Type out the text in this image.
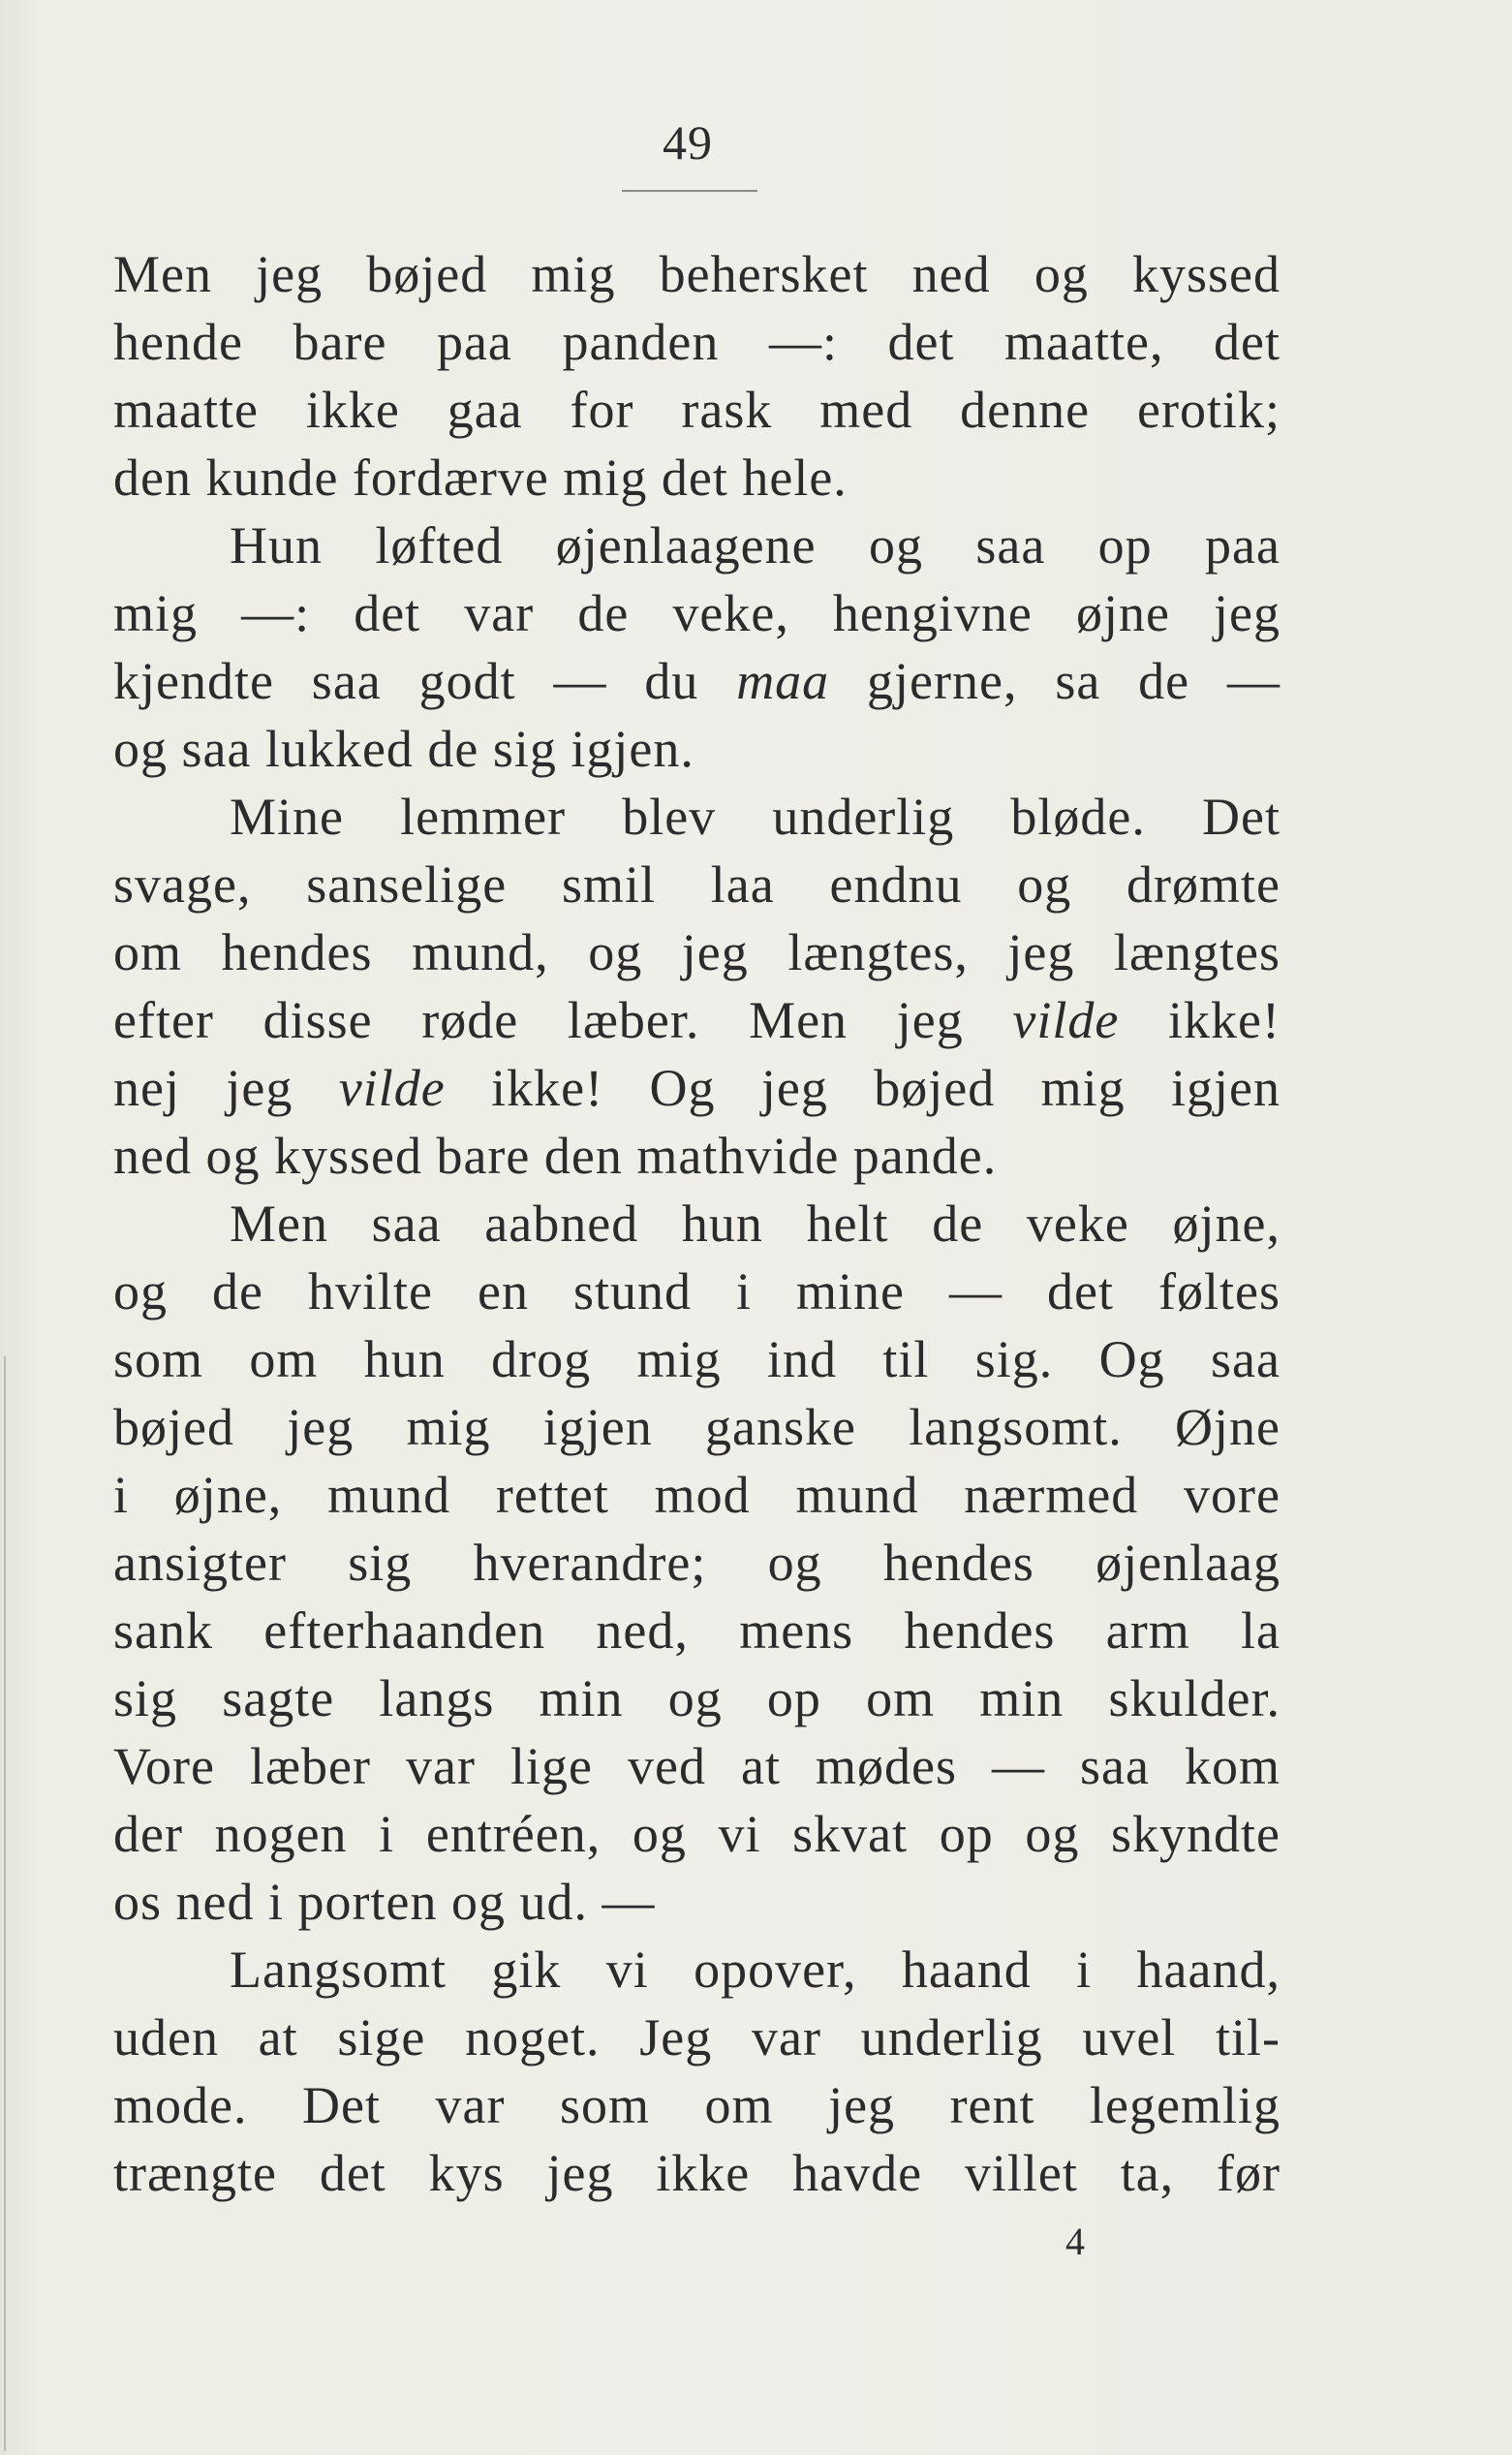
49
Men jeg bøjed mig behersket ned og kyssed
hende bare paa panden —: det maatte, det
maatte ikke gaa for rask med denne erotik;
den kunde fordærve mig det hele.
Hun løfted øjenlaagene og saa op paa
mig —: det var de veke, hengivne øjne jeg
kjendte saa godt — du maa gjerne, sa de —
og saa lukked de sig igjen.
Mine lemmer blev underlig bløde. Det
svage, sanselige smil laa endnu og drømte
om hendes mund, og jeg længtes, jeg længtes
efter disse røde læber. Men jeg vilde ikke!
nej jeg vilde ikke! Og jeg bøjed mig igjen
ned og kyssed bare den mathvide pande.
Men saa aabned hun helt de veke øjne,
og de hvilte en stund i mine — det føltes
som om hun drog mig ind til sig. Og saa
bøjed jeg mig igjen ganske langsomt. Øjne
i øjne, mund rettet mod mund nærmed vore
ansigter sig hverandre; og hendes øjenlaag
sank efterhaanden ned, mens hendes arm la
sig sagte langs min og op om min skulder.
Vore læber var lige ved at mødes — saa kom
der nogen i entréen, og vi skvat op og skyndte
os ned i porten og ud. —
Langsomt gik vi opover, haand i haand,
uden at sige noget. Jeg var underlig uvel til-
mode. Det var som om jeg rent legemlig
trængte det kys jeg ikke havde villet ta, før
4
